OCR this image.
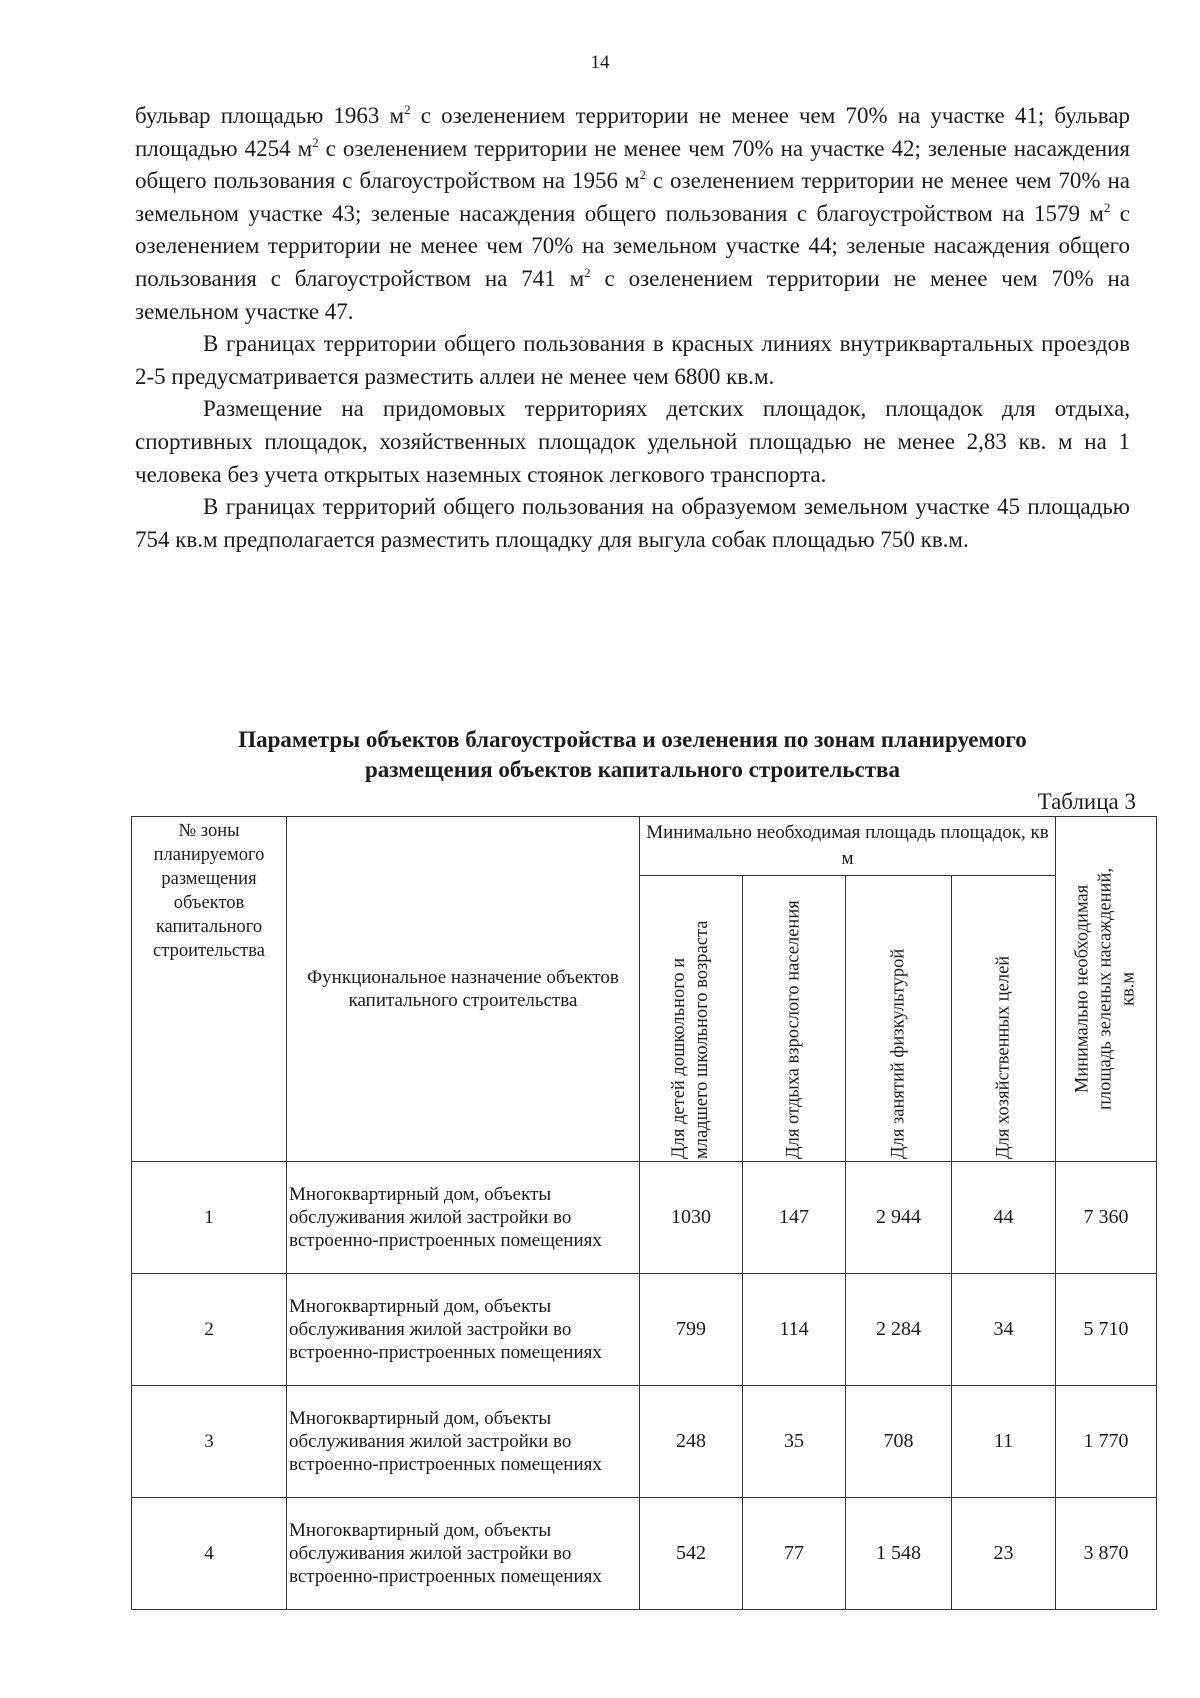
14

бульвар площадью 1963 $м^2$ с озеленением территории не менее чем 70% на участке 41; бульвар площадью 4254 $м^2$ с озеленением территории не менее чем 70% на участке 42; зеленые насаждения общего пользования с благоустройством на 1956 $м^2$ с озеленением территории не менее чем 70% на земельном участке 43; зеленые насаждения общего пользования с благоустройством на 1579 $м^2$ с озеленением территории не менее чем 70% на земельном участке 44; зеленые насаждения общего пользования с благоустройством на 741 $м^2$ с озеленением территории не менее чем 70% на земельном участке 47.

В границах территории общего пользования в красных линиях внутриквартальных проездов 2-5 предусматривается разместить аллеи не менее чем 6800 кв.м.

Размещение на придомовых территориях детских площадок, площадок для отдыха, спортивных площадок, хозяйственных площадок удельной площадью не менее 2,83 кв. м на 1 человека без учета открытых наземных стоянок легкового транспорта.

В границах территорий общего пользования на образуемом земельном участке 45 площадью 754 кв.м предполагается разместить площадку для выгула собак площадью 750 кв.м.

Параметры объектов благоустройства и озеленения по зонам планируемого
размещения объектов капитального строительства
Таблица 3
№ зоны планируемого размещения объектов капитального строительства	Функциональное назначение объектов капитального строительства	Минимально необходимая площадь площадок, кв м				Минимально необходимая площадь зеленых насаждений, кв.м

		Для детей дошкольного и младшего школьного возраста	Для отдыха взрослого населения	Для занятий физкультурой	Для хозяйственных целей	

1	Многоквартирный дом, объекты обслуживания жилой застройки во встроенно-пристроенных помещениях	1030	147	2 944	44	7 360
2	Многоквартирный дом, объекты обслуживания жилой застройки во встроенно-пристроенных помещениях	799	114	2 284	34	5 710
3	Многоквартирный дом, объекты обслуживания жилой застройки во встроенно-пристроенных помещениях	248	35	708	11	1 770
4	Многоквартирный дом, объекты обслуживания жилой застройки во встроенно-пристроенных помещениях	542	77	1 548	23	3 870
